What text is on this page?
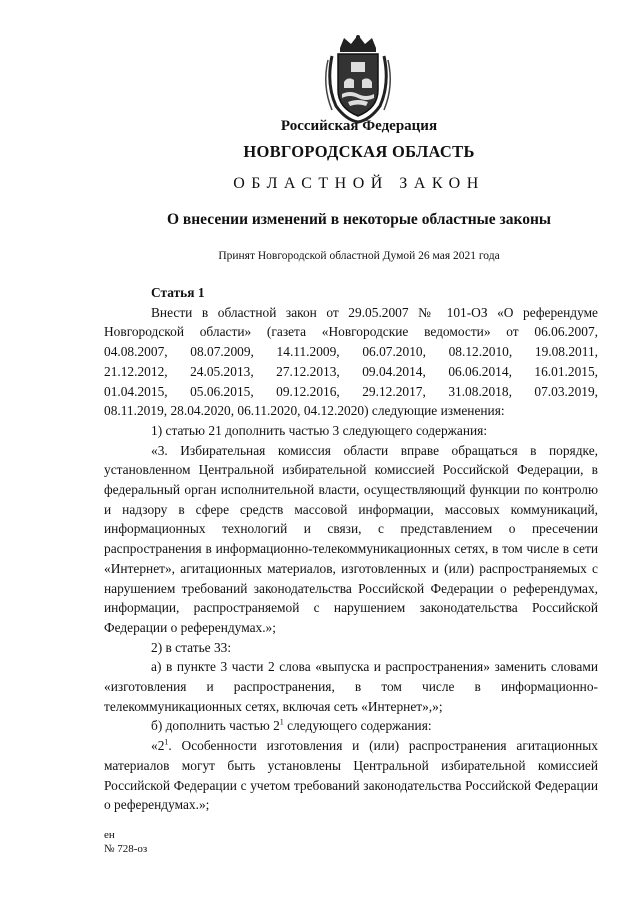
Российская Федерация
НОВГОРОДСКАЯ ОБЛАСТЬ
ОБЛАСТНОЙ ЗАКОН
О внесении изменений в некоторые областные законы
Принят Новгородской областной Думой 26 мая 2021 года

Статья 1

Внести в областной закон от 29.05.2007 № 101-ОЗ «О референдуме

Новгородской области» (газета «Новгородские ведомости» от 06.06.2007,

04.08.2007, 08.07.2009, 14.11.2009, 06.07.2010, 08.12.2010, 19.08.2011,

21.12.2012, 24.05.2013, 27.12.2013, 09.04.2014, 06.06.2014, 16.01.2015,

01.04.2015, 05.06.2015, 09.12.2016, 29.12.2017, 31.08.2018, 07.03.2019,

08.11.2019, 28.04.2020, 06.11.2020, 04.12.2020) следующие изменения:

1) статью 21 дополнить частью 3 следующего содержания:

«3. Избирательная комиссия области вправе обращаться в порядке, установленном Центральной избирательной комиссией Российской Федерации, в федеральный орган исполнительной власти, осуществляющий функции по контролю и надзору в сфере средств массовой информации, массовых коммуникаций, информационных технологий и связи, с представлением о пресечении распространения в информационно-телекоммуникационных сетях, в том числе в сети «Интернет», агитационных материалов, изготовленных и (или) распространяемых с нарушением требований законодательства Российской Федерации о референдумах, информации, распространяемой с нарушением законодательства Российской Федерации о референдумах.»;

2) в статье 33:

а) в пункте 3 части 2 слова «выпуска и распространения» заменить словами «изготовления и распространения, в том числе в информационно-телекоммуникационных сетях, включая сеть «Интернет»,»;

б) дополнить частью $2^1$ следующего содержания:

«$2^1$. Особенности изготовления и (или) распространения агитационных материалов могут быть установлены Центральной избирательной комиссией Российской Федерации с учетом требований законодательства Российской Федерации о референдумах.»;

ен
№ 728-оз
